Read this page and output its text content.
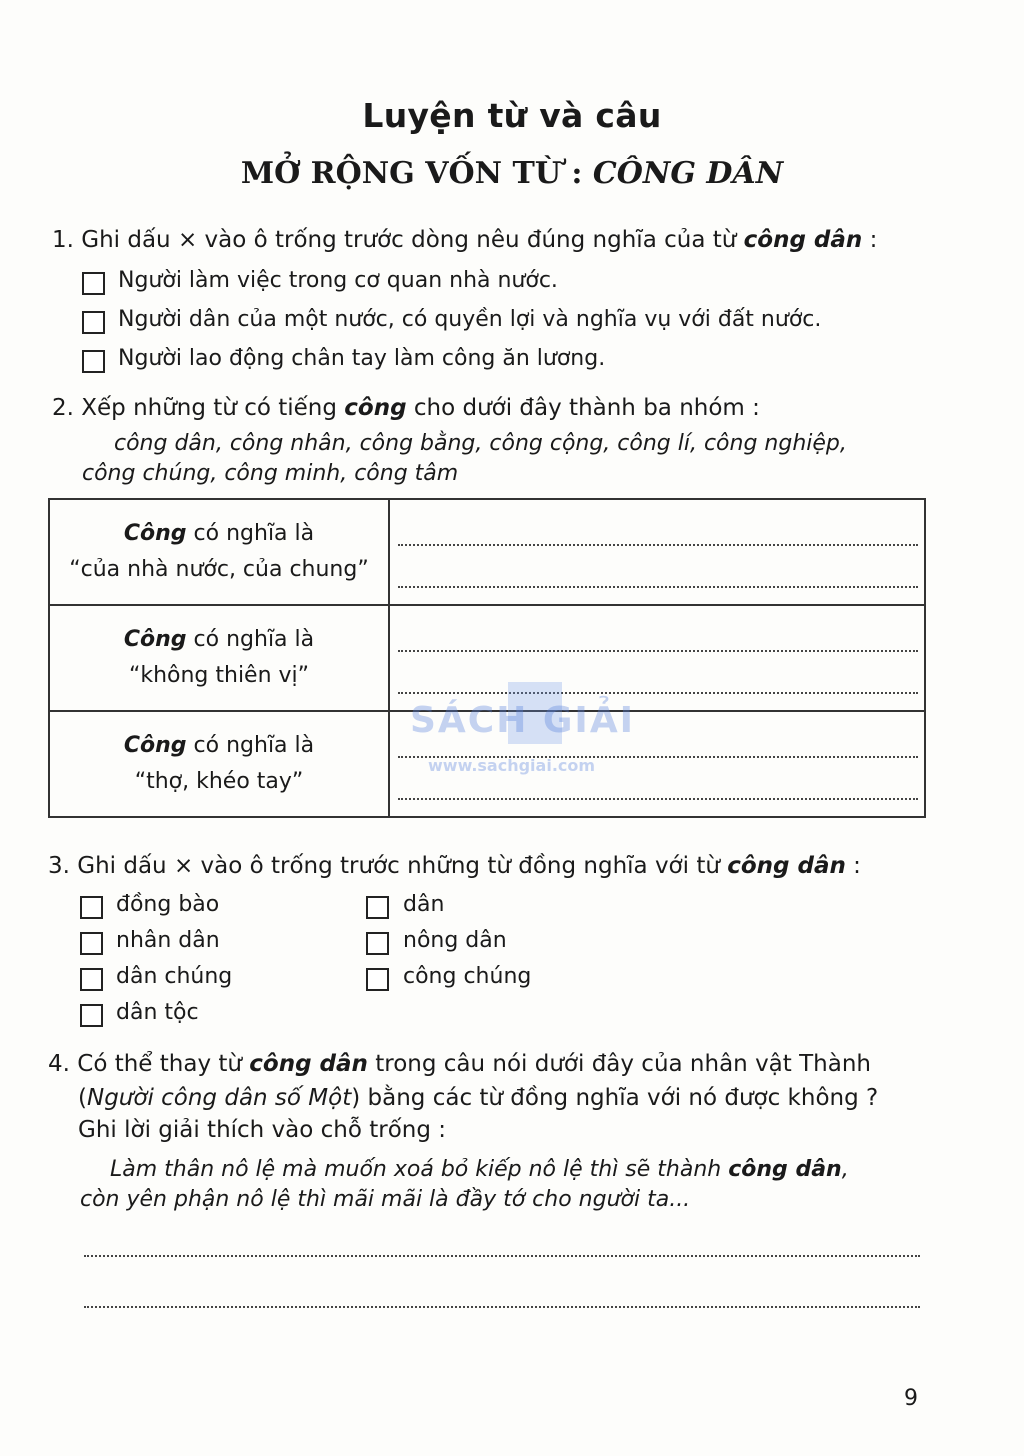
Luyện từ và câu
MỞ RỘNG VỐN TỪ : CÔNG DÂN
1. Ghi dấu × vào ô trống trước dòng nêu đúng nghĩa của từ công dân :
Người làm việc trong cơ quan nhà nước.
Người dân của một nước, có quyền lợi và nghĩa vụ với đất nước.
Người lao động chân tay làm công ăn lương.
2. Xếp những từ có tiếng công cho dưới đây thành ba nhóm :
công dân, công nhân, công bằng, công cộng, công lí, công nghiệp,
công chúng, công minh, công tâm
Công có nghĩa là
“của nhà nước, của chung”	

Công có nghĩa là
“không thiên vị”	

Công có nghĩa là
“thợ, khéo tay”	
SÁCH GIẢI
www.sachgiai.com
3. Ghi dấu × vào ô trống trước những từ đồng nghĩa với từ công dân :
đồng bào
nhân dân
dân chúng
dân tộc
dân
nông dân
công chúng
4. Có thể thay từ công dân trong câu nói dưới đây của nhân vật Thành
(Người công dân số Một) bằng các từ đồng nghĩa với nó được không ?
Ghi lời giải thích vào chỗ trống :
Làm thân nô lệ mà muốn xoá bỏ kiếp nô lệ thì sẽ thành công dân,
còn yên phận nô lệ thì mãi mãi là đầy tớ cho người ta...
9
